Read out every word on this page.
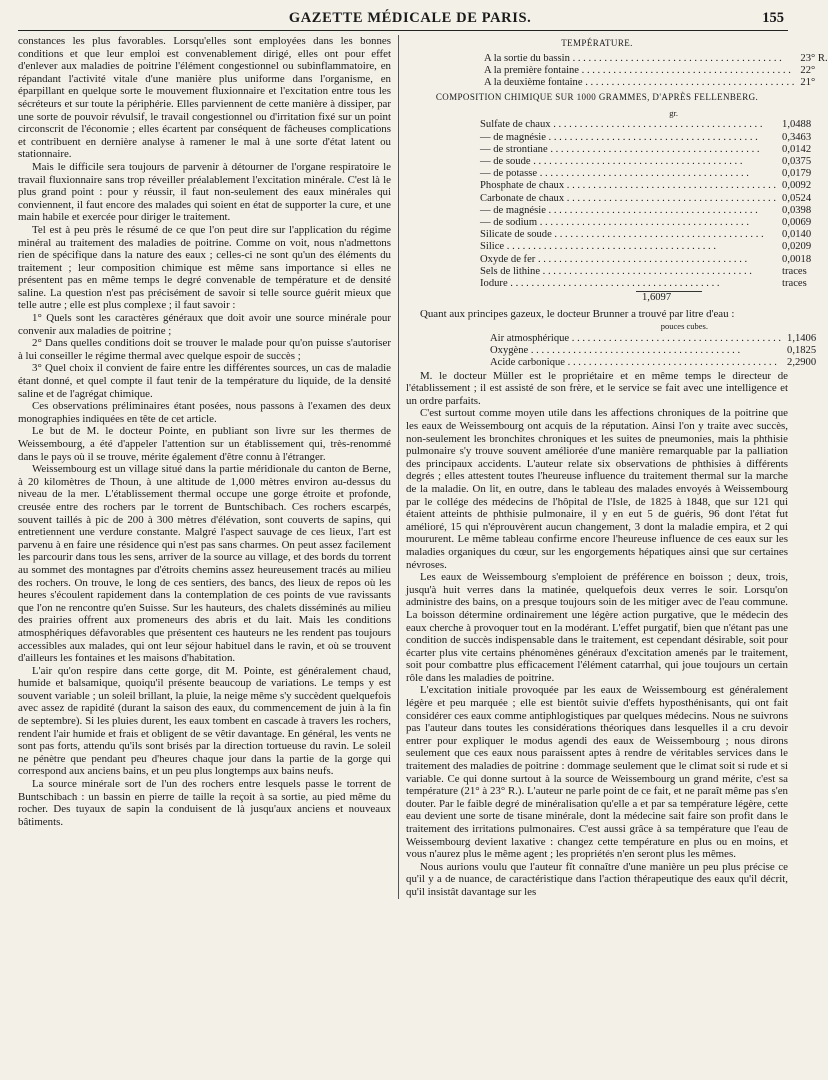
GAZETTE MÉDICALE DE PARIS.	155

constances les plus favorables. Lorsqu'elles sont employées dans les bonnes conditions et que leur emploi est convenablement dirigé, elles ont pour effet d'enlever aux maladies de poitrine l'élément congestionnel ou subinflammatoire, en répandant l'activité vitale d'une manière plus uniforme dans l'organisme, en éparpillant en quelque sorte le mouvement fluxionnaire et l'excitation entre tous les sécréteurs et sur toute la périphérie. Elles parviennent de cette manière à dissiper, par une sorte de pouvoir révulsif, le travail congestionnel ou d'irritation fixé sur un point circonscrit de l'économie ; elles écartent par conséquent de fâcheuses complications et contribuent en dernière analyse à ramener le mal à une sorte d'état latent ou stationnaire.

Mais le difficile sera toujours de parvenir à détourner de l'organe respiratoire le travail fluxionnaire sans trop réveiller préalablement l'excitation minérale. C'est là le plus grand point : pour y réussir, il faut non-seulement des eaux minérales qui conviennent, il faut encore des malades qui soient en état de supporter la cure, et une main habile et exercée pour diriger le traitement.

Tel est à peu près le résumé de ce que l'on peut dire sur l'application du régime minéral au traitement des maladies de poitrine. Comme on voit, nous n'admettons rien de spécifique dans la nature des eaux ; celles-ci ne sont qu'un des éléments du traitement ; leur composition chimique est même sans importance si elles ne présentent pas en même temps le degré convenable de température et de densité saline. La question n'est pas précisément de savoir si telle source guérit mieux que telle autre ; elle est plus complexe ; il faut savoir :

1° Quels sont les caractères généraux que doit avoir une source minérale pour convenir aux maladies de poitrine ;

2° Dans quelles conditions doit se trouver le malade pour qu'on puisse s'autoriser à lui conseiller le régime thermal avec quelque espoir de succès ;

3° Quel choix il convient de faire entre les différentes sources, un cas de maladie étant donné, et quel compte il faut tenir de la température du liquide, de la densité saline et de l'agrégat chimique.

Ces observations préliminaires étant posées, nous passons à l'examen des deux monographies indiquées en tête de cet article.

Le but de M. le docteur Pointe, en publiant son livre sur les thermes de Weissembourg, a été d'appeler l'attention sur un établissement qui, très-renommé dans le pays où il se trouve, mérite également d'être connu à l'étranger.

Weissembourg est un village situé dans la partie méridionale du canton de Berne, à 20 kilomètres de Thoun, à une altitude de 1,000 mètres environ au-dessus du niveau de la mer. L'établissement thermal occupe une gorge étroite et profonde, creusée entre des rochers par le torrent de Buntschibach. Ces rochers escarpés, souvent taillés à pic de 200 à 300 mètres d'élévation, sont couverts de sapins, qui entretiennent une verdure constante. Malgré l'aspect sauvage de ces lieux, l'art est parvenu à en faire une résidence qui n'est pas sans charmes. On peut assez facilement les parcourir dans tous les sens, arriver de la source au village, et des bords du torrent au sommet des montagnes par d'étroits chemins assez heureusement tracés au milieu des rochers. On trouve, le long de ces sentiers, des bancs, des lieux de repos où les heures s'écoulent rapidement dans la contemplation de ces points de vue ravissants que l'on ne rencontre qu'en Suisse. Sur les hauteurs, des chalets disséminés au milieu des prairies offrent aux promeneurs des abris et du lait. Mais les conditions atmosphériques défavorables que présentent ces hauteurs ne les rendent pas toujours accessibles aux malades, qui ont leur séjour habituel dans le ravin, et où se trouvent d'ailleurs les fontaines et les maisons d'habitation.

L'air qu'on respire dans cette gorge, dit M. Pointe, est généralement chaud, humide et balsamique, quoiqu'il présente beaucoup de variations. Le temps y est souvent variable ; un soleil brillant, la pluie, la neige même s'y succèdent quelquefois avec assez de rapidité (durant la saison des eaux, du commencement de juin à la fin de septembre). Si les pluies durent, les eaux tombent en cascade à travers les rochers, rendent l'air humide et frais et obligent de se vêtir davantage. En général, les vents ne sont pas forts, attendu qu'ils sont brisés par la direction tortueuse du ravin. Le soleil ne pénètre que pendant peu d'heures chaque jour dans la partie de la gorge qui correspond aux anciens bains, et un peu plus longtemps aux bains neufs.

La source minérale sort de l'un des rochers entre lesquels passe le torrent de Buntschibach : un bassin en pierre de taille la reçoit à sa sortie, au pied même du rocher. Des tuyaux de sapin la conduisent de là jusqu'aux anciens et nouveaux bâtiments.

TEMPÉRATURE.
A la sortie du bassin . . . . . . . . . . . . . . . . . . . . . . . . . . . . . . . . . . . . . . . .	23° R.
A la première fontaine . . . . . . . . . . . . . . . . . . . . . . . . . . . . . . . . . . . . . . . .	22°
A la deuxième fontaine . . . . . . . . . . . . . . . . . . . . . . . . . . . . . . . . . . . . . . . .	21°
COMPOSITION CHIMIQUE SUR 1000 GRAMMES, D'APRÈS FELLENBERG.
gr.
Sulfate de chaux . . . . . . . . . . . . . . . . . . . . . . . . . . . . . . . . . . . . . . . .	1,0488
— de magnésie . . . . . . . . . . . . . . . . . . . . . . . . . . . . . . . . . . . . . . . .	0,3463
— de strontiane . . . . . . . . . . . . . . . . . . . . . . . . . . . . . . . . . . . . . . . .	0,0142
— de soude . . . . . . . . . . . . . . . . . . . . . . . . . . . . . . . . . . . . . . . .	0,0375
— de potasse . . . . . . . . . . . . . . . . . . . . . . . . . . . . . . . . . . . . . . . .	0,0179
Phosphate de chaux . . . . . . . . . . . . . . . . . . . . . . . . . . . . . . . . . . . . . . . .	0,0092
Carbonate de chaux . . . . . . . . . . . . . . . . . . . . . . . . . . . . . . . . . . . . . . . .	0,0524
— de magnésie . . . . . . . . . . . . . . . . . . . . . . . . . . . . . . . . . . . . . . . .	0,0398
— de sodium . . . . . . . . . . . . . . . . . . . . . . . . . . . . . . . . . . . . . . . .	0,0069
Silicate de soude . . . . . . . . . . . . . . . . . . . . . . . . . . . . . . . . . . . . . . . .	0,0140
Silice . . . . . . . . . . . . . . . . . . . . . . . . . . . . . . . . . . . . . . . .	0,0209
Oxyde de fer . . . . . . . . . . . . . . . . . . . . . . . . . . . . . . . . . . . . . . . .	0,0018
Sels de lithine . . . . . . . . . . . . . . . . . . . . . . . . . . . . . . . . . . . . . . . .	traces
Iodure . . . . . . . . . . . . . . . . . . . . . . . . . . . . . . . . . . . . . . . .	traces
1,6097

Quant aux principes gazeux, le docteur Brunner a trouvé par litre d'eau :

pouces cubes.
Air atmosphérique . . . . . . . . . . . . . . . . . . . . . . . . . . . . . . . . . . . . . . . .	1,1406
Oxygène . . . . . . . . . . . . . . . . . . . . . . . . . . . . . . . . . . . . . . . .	0,1825
Acide carbonique . . . . . . . . . . . . . . . . . . . . . . . . . . . . . . . . . . . . . . . .	2,2900

M. le docteur Müller est le propriétaire et en même temps le directeur de l'établissement ; il est assisté de son frère, et le service se fait avec une intelligence et un ordre parfaits.

C'est surtout comme moyen utile dans les affections chroniques de la poitrine que les eaux de Weissembourg ont acquis de la réputation. Ainsi l'on y traite avec succès, non-seulement les bronchites chroniques et les suites de pneumonies, mais la phthisie pulmonaire s'y trouve souvent améliorée d'une manière remarquable par la palliation des principaux accidents. L'auteur relate six observations de phthisies à différents degrés ; elles attestent toutes l'heureuse influence du traitement thermal sur la marche de la maladie. On lit, en outre, dans le tableau des malades envoyés à Weissembourg par le collége des médecins de l'hôpital de l'Isle, de 1825 à 1848, que sur 121 qui étaient atteints de phthisie pulmonaire, il y en eut 5 de guéris, 96 dont l'état fut amélioré, 15 qui n'éprouvèrent aucun changement, 3 dont la maladie empira, et 2 qui moururent. Le même tableau confirme encore l'heureuse influence de ces eaux sur les maladies organiques du cœur, sur les engorgements hépatiques ainsi que sur certaines névroses.

Les eaux de Weissembourg s'emploient de préférence en boisson ; deux, trois, jusqu'à huit verres dans la matinée, quelquefois deux verres le soir. Lorsqu'on administre des bains, on a presque toujours soin de les mitiger avec de l'eau commune. La boisson détermine ordinairement une légère action purgative, que le médecin des eaux cherche à provoquer tout en la modérant. L'effet purgatif, bien que n'étant pas une condition de succès indispensable dans le traitement, est cependant désirable, soit pour écarter plus vite certains phénomènes généraux d'excitation amenés par le traitement, soit pour combattre plus efficacement l'élément catarrhal, qui joue toujours un certain rôle dans les maladies de poitrine.

L'excitation initiale provoquée par les eaux de Weissembourg est généralement légère et peu marquée ; elle est bientôt suivie d'effets hyposthénisants, qui ont fait considérer ces eaux comme antiphlogistiques par quelques médecins. Nous ne suivrons pas l'auteur dans toutes les considérations théoriques dans lesquelles il a cru devoir entrer pour expliquer le modus agendi des eaux de Weissembourg ; nous dirons seulement que ces eaux nous paraissent aptes à rendre de véritables services dans le traitement des maladies de poitrine : dommage seulement que le climat soit si rude et si variable. Ce qui donne surtout à la source de Weissembourg un grand mérite, c'est sa température (21° à 23° R.). L'auteur ne parle point de ce fait, et ne paraît même pas s'en douter. Par le faible degré de minéralisation qu'elle a et par sa température légère, cette eau devient une sorte de tisane minérale, dont la médecine sait faire son profit dans le traitement des irritations pulmonaires. C'est aussi grâce à sa température que l'eau de Weissembourg devient laxative : changez cette température en plus ou en moins, et vous n'aurez plus le même agent ; les propriétés n'en seront plus les mêmes.

Nous aurions voulu que l'auteur fît connaître d'une manière un peu plus précise ce qu'il y a de nuance, de caractéristique dans l'action thérapeutique des eaux qu'il décrit, qu'il insistât davantage sur les
